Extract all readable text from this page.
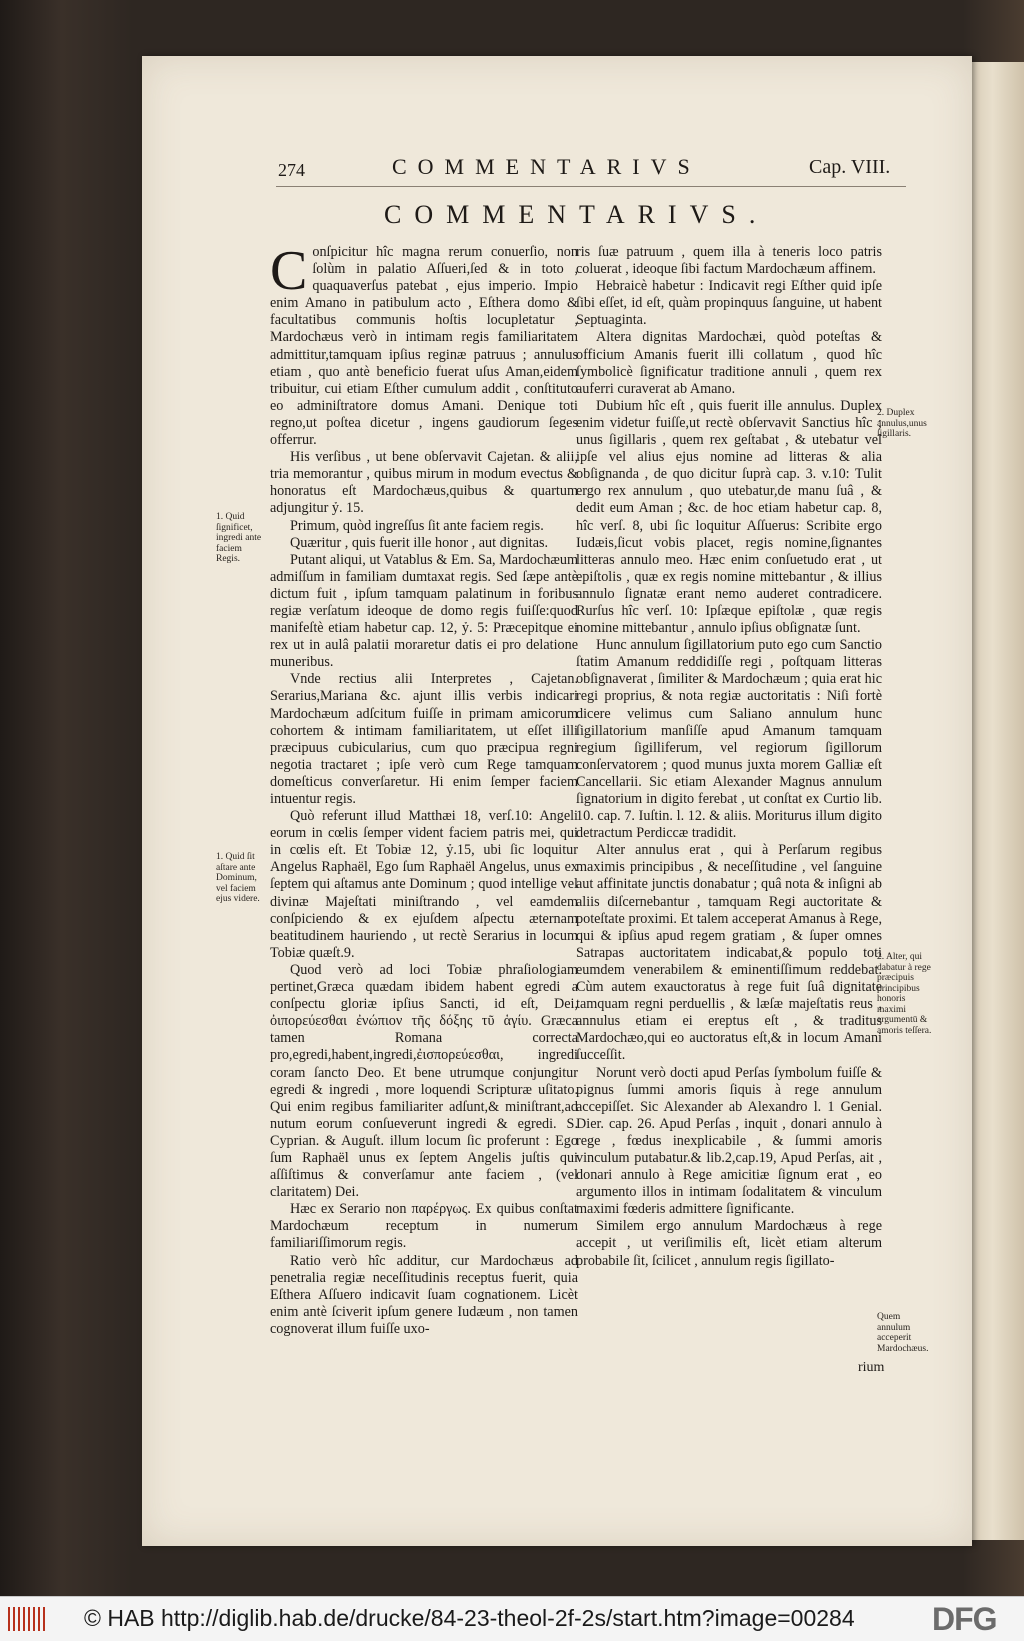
274	COMMENTARIVS	Cap. VIII.
COMMENTARIVS.

Conſpicitur hîc magna rerum conuerſio, non ſolùm in palatio Aſſueri,ſed & in toto , quaquaverſus patebat , ejus imperio. Impio enim Amano in patibulum acto , Eſthera domo & facultatibus communis hoſtis locupletatur , Mardochæus verò in intimam regis familiaritatem admittitur,tamquam ipſius reginæ patruus ; annulus etiam , quo antè beneficio fuerat uſus Aman,eidem tribuitur, cui etiam Eſther cumulum addit , conſtituto eo adminiſtratore domus Amani. Denique toti regno,ut poſtea dicetur , ingens gaudiorum ſeges offerrur.

His verſibus , ut bene obſervavit Cajetan. & alii, tria memorantur , quibus mirum in modum evectus & honoratus eſt Mardochæus,quibus & quartum adjungitur ỷ. 15.

Primum, quòd ingreſſus ſit ante faciem regis.

Quæritur , quis fuerit ille honor , aut dignitas.

Putant aliqui, ut Vatablus & Em. Sa, Mardochæum admiſſum in familiam dumtaxat regis. Sed ſæpe antè dictum fuit , ipſum tamquam palatinum in foribus regiæ verſatum ideoque de domo regis fuiſſe:quod manifeſtè etiam habetur cap. 12, ỷ. 5: Præcepitque ei rex ut in aulâ palatii moraretur datis ei pro delatione muneribus.

Vnde rectius alii Interpretes , Cajetan. Serarius,Mariana &c. ajunt illis verbis indicari Mardochæum adſcitum fuiſſe in primam amicorum cohortem & intimam familiaritatem, ut eſſet illi præcipuus cubicularius, cum quo præcipua regni negotia tractaret ; ipſe verò cum Rege tamquam domeſticus converſaretur. Hi enim ſemper faciem intuentur regis.

Quò referunt illud Matthæi 18, verſ.10: Angeli eorum in cœlis ſemper vident faciem patris mei, qui in cœlis eſt. Et Tobiæ 12, ỷ.15, ubi ſic loquitur Angelus Raphaël, Ego ſum Raphaël Angelus, unus ex ſeptem qui aſtamus ante Dominum ; quod intellige vel divinæ Majeſtati miniſtrando , vel eamdem conſpiciendo & ex ejuſdem aſpectu æternam beatitudinem hauriendo , ut rectè Serarius in locum Tobiæ quæſt.9.

Quod verò ad loci Tobiæ phraſiologiam pertinet,Græca quædam ibidem habent egredi a conſpectu gloriæ ipſius Sancti, id eſt, Dei, ὀιπορεύεσθαι ἐνώπιον τῆς δόξης τῦ ἁγίυ. Græca tamen Romana correcta pro,egredi,habent,ingredi,ἐισπορεύεσθαι, ingredi coram ſancto Deo. Et bene utrumque conjungitur egredi & ingredi , more loquendi Scripturæ uſitato. Qui enim regibus familiariter adſunt,& miniſtrant,ad nutum eorum conſueverunt ingredi & egredi. S. Cyprian. & Auguſt. illum locum ſic proferunt : Ego ſum Raphaël unus ex ſeptem Angelis juſtis qui aſſiſtimus & converſamur ante faciem , (vel claritatem) Dei.

Hæc ex Serario non παρέργως. Ex quibus conſtat Mardochæum receptum in numerum familiariſſimorum regis.

Ratio verò hîc additur, cur Mardochæus ad penetralia regiæ neceſſitudinis receptus fuerit, quia Eſthera Aſſuero indicavit ſuam cognationem. Licèt enim antè ſciverit ipſum genere Iudæum , non tamen cognoverat illum fuiſſe uxo-

ris ſuæ patruum , quem illa à teneris loco patris coluerat , ideoque ſibi factum Mardochæum affinem.

Hebraicè habetur : Indicavit regi Eſther quid ipſe ſibi eſſet, id eſt, quàm propinquus ſanguine, ut habent Septuaginta.

Altera dignitas Mardochæi, quòd poteſtas & officium Amanis fuerit illi collatum , quod hîc ſymbolicè ſignificatur traditione annuli , quem rex auferri curaverat ab Amano.

Dubium hîc eſt , quis fuerit ille annulus. Duplex enim videtur fuiſſe,ut rectè obſervavit Sanctius hîc ; unus ſigillaris , quem rex geſtabat , & utebatur vel ipſe vel alius ejus nomine ad litteras & alia obſignanda , de quo dicitur ſuprà cap. 3. v.10: Tulit ergo rex annulum , quo utebatur,de manu ſuâ , & dedit eum Aman ; &c. de hoc etiam habetur cap. 8, hîc verſ. 8, ubi ſic loquitur Aſſuerus: Scribite ergo Iudæis,ſicut vobis placet, regis nomine,ſignantes litteras annulo meo. Hæc enim conſuetudo erat , ut epiſtolis , quæ ex regis nomine mittebantur , & illius annulo ſignatæ erant nemo auderet contradicere. Rurſus hîc verſ. 10: Ipſæque epiſtolæ , quæ regis nomine mittebantur , annulo ipſius obſignatæ ſunt.

Hunc annulum ſigillatorium puto ego cum Sanctio ſtatim Amanum reddidiſſe regi , poſtquam litteras obſignaverat , ſimiliter & Mardochæum ; quia erat hic regi proprius, & nota regiæ auctoritatis : Niſi fortè dicere velimus cum Saliano annulum hunc ſigillatorium manſiſſe apud Amanum tamquam regium ſigilliferum, vel regiorum ſigillorum conſervatorem ; quod munus juxta morem Galliæ eſt Cancellarii. Sic etiam Alexander Magnus annulum ſignatorium in digito ferebat , ut conſtat ex Curtio lib. 10. cap. 7. Iuſtin. l. 12. & aliis. Moriturus illum digito detractum Perdiccæ tradidit.

Alter annulus erat , qui à Perſarum regibus maximis principibus , & neceſſitudine , vel ſanguine aut affinitate junctis donabatur ; quâ nota & inſigni ab aliis diſcernebantur , tamquam Regi auctoritate & poteſtate proximi. Et talem acceperat Amanus à Rege, qui & ipſius apud regem gratiam , & ſuper omnes Satrapas auctoritatem indicabat,& populo toti eumdem venerabilem & eminentiſſimum reddebat. Cùm autem exauctoratus à rege fuit ſuâ dignitate tamquam regni perduellis , & læſæ majeſtatis reus , annulus etiam ei ereptus eſt , & traditus Mardochæo,qui eo auctoratus eſt,& in locum Amani ſucceſſit.

Norunt verò docti apud Perſas ſymbolum fuiſſe & pignus ſummi amoris ſiquis à rege annulum accepiſſet. Sic Alexander ab Alexandro l. 1 Genial. Dier. cap. 26. Apud Perſas , inquit , donari annulo à rege , fœdus inexplicabile , & ſummi amoris vinculum putabatur.& lib.2,cap.19, Apud Perſas, ait , donari annulo à Rege amicitiæ ſignum erat , eo argumento illos in intimam ſodalitatem & vinculum maximi fœderis admittere ſignificante.

Similem ergo annulum Mardochæus à rege accepit , ut veriſimilis eſt, licèt etiam alterum probabile ſit, ſcilicet , annulum regis ſigillato-

rium
1. Quid ſignificet, ingredi ante faciem Regis.
1. Quid ſit aſtare ante Dominum, vel faciem ejus videre.
2. Duplex annulus,unus ſigillaris.
2. Alter, qui dabatur à rege præcipuis principibus honoris maximi argumentū & amoris teſſera.
Quem annulum acceperit Mardochæus.
© HAB http://diglib.hab.de/drucke/84-23-theol-2f-2s/start.htm?image=00284 DFG
